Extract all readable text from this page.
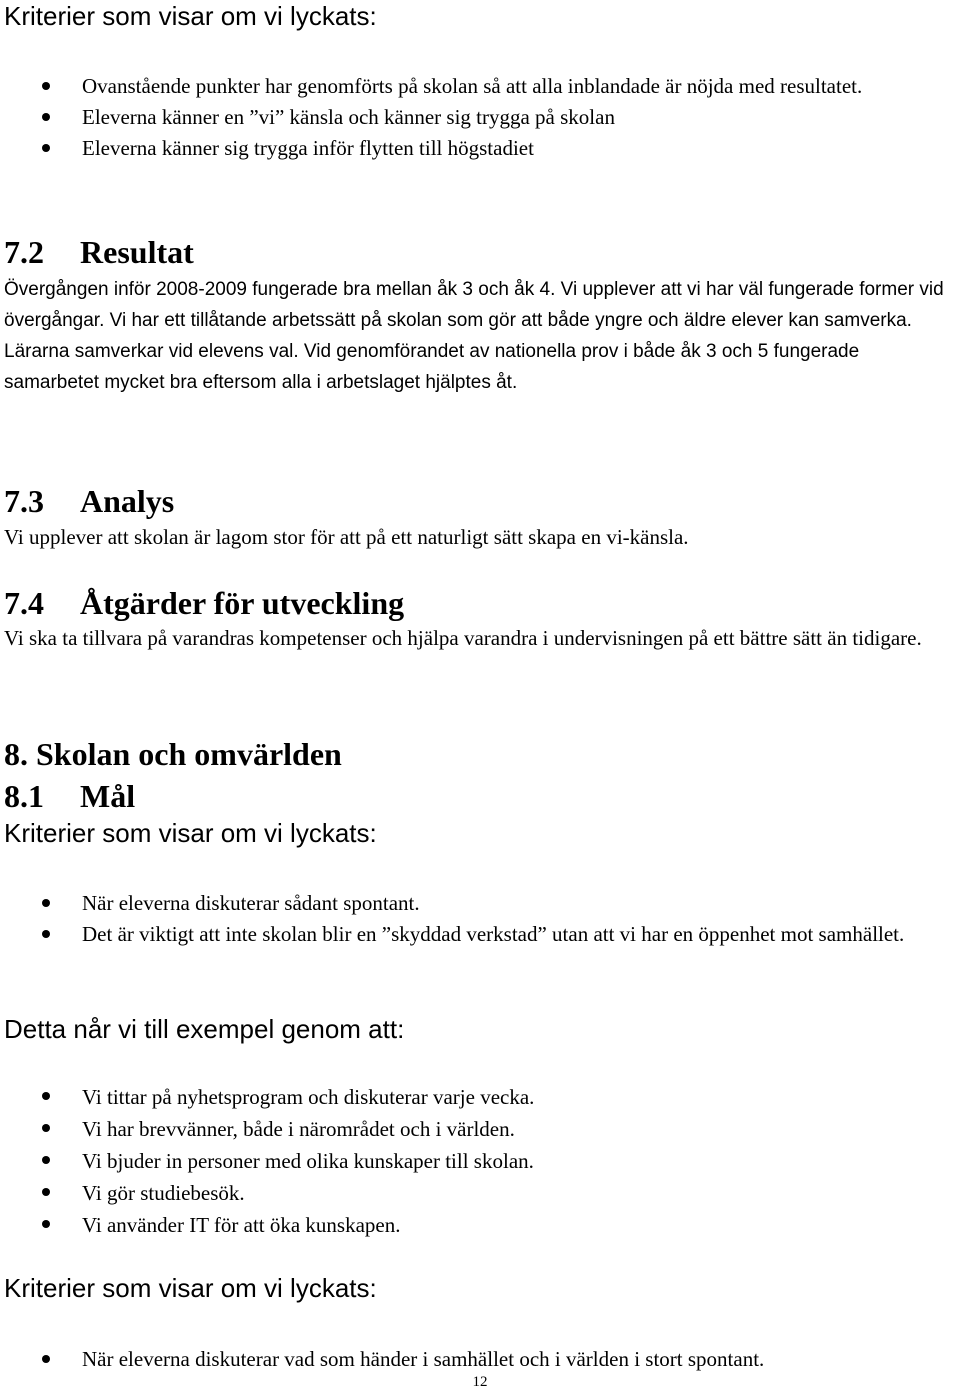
Kriterier som visar om vi lyckats:
Ovanstående punkter har genomförts på skolan så att alla inblandade är nöjda med resultatet.
Eleverna känner en ”vi” känsla och känner sig trygga på skolan
Eleverna känner sig trygga inför flytten till högstadiet
7.2 Resultat

Övergången inför 2008-2009 fungerade bra mellan åk 3 och åk 4. Vi upplever att vi har väl fungerade former vid övergångar. Vi har ett tillåtande arbetssätt på skolan som gör att både yngre och äldre elever kan samverka. Lärarna samverkar vid elevens val. Vid genomförandet av nationella prov i både åk 3 och 5 fungerade samarbetet mycket bra eftersom alla i arbetslaget hjälptes åt.

7.3 Analys

Vi upplever att skolan är lagom stor för att på ett naturligt sätt skapa en vi-känsla.

7.4 Åtgärder för utveckling

Vi ska ta tillvara på varandras kompetenser och hjälpa varandra i undervisningen på ett bättre sätt än tidigare.

8. Skolan och omvärlden
8.1 Mål
Kriterier som visar om vi lyckats:
När eleverna diskuterar sådant spontant.
Det är viktigt att inte skolan blir en ”skyddad verkstad” utan att vi har en öppenhet mot samhället.
Detta når vi till exempel genom att:
Vi tittar på nyhetsprogram och diskuterar varje vecka.
Vi har brevvänner, både i närområdet och i världen.
Vi bjuder in personer med olika kunskaper till skolan.
Vi gör studiebesök.
Vi använder IT för att öka kunskapen.
Kriterier som visar om vi lyckats:
När eleverna diskuterar vad som händer i samhället och i världen i stort spontant.
12
